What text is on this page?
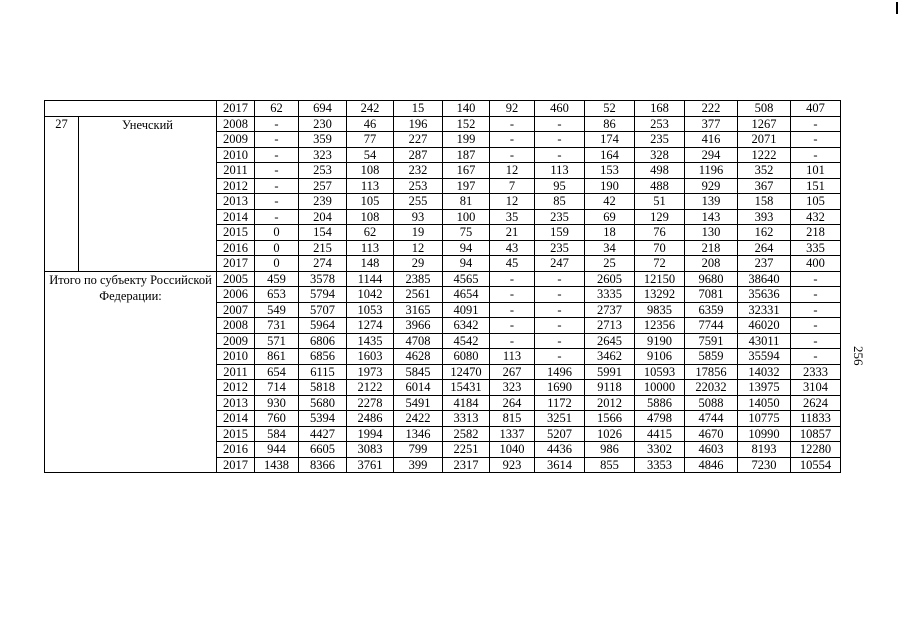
		2017	62	694	242	15	140	92	460	52	168	222	508	407
27	Унечский	2008	-	230	46	196	152	-	-	86	253	377	1267	-
		2009	-	359	77	227	199	-	-	174	235	416	2071	-
		2010	-	323	54	287	187	-	-	164	328	294	1222	-
		2011	-	253	108	232	167	12	113	153	498	1196	352	101
		2012	-	257	113	253	197	7	95	190	488	929	367	151
		2013	-	239	105	255	81	12	85	42	51	139	158	105
		2014	-	204	108	93	100	35	235	69	129	143	393	432
		2015	0	154	62	19	75	21	159	18	76	130	162	218
		2016	0	215	113	12	94	43	235	34	70	218	264	335
		2017	0	274	148	29	94	45	247	25	72	208	237	400
Итого по субъекту Российской Федерации:		2005	459	3578	1144	2385	4565	-	-	2605	12150	9680	38640	-
		2006	653	5794	1042	2561	4654	-	-	3335	13292	7081	35636	-
		2007	549	5707	1053	3165	4091	-	-	2737	9835	6359	32331	-
		2008	731	5964	1274	3966	6342	-	-	2713	12356	7744	46020	-
		2009	571	6806	1435	4708	4542	-	-	2645	9190	7591	43011	-
		2010	861	6856	1603	4628	6080	113	-	3462	9106	5859	35594	-
		2011	654	6115	1973	5845	12470	267	1496	5991	10593	17856	14032	2333
		2012	714	5818	2122	6014	15431	323	1690	9118	10000	22032	13975	3104
		2013	930	5680	2278	5491	4184	264	1172	2012	5886	5088	14050	2624
		2014	760	5394	2486	2422	3313	815	3251	1566	4798	4744	10775	11833
		2015	584	4427	1994	1346	2582	1337	5207	1026	4415	4670	10990	10857
		2016	944	6605	3083	799	2251	1040	4436	986	3302	4603	8193	12280
		2017	1438	8366	3761	399	2317	923	3614	855	3353	4846	7230	10554
256
